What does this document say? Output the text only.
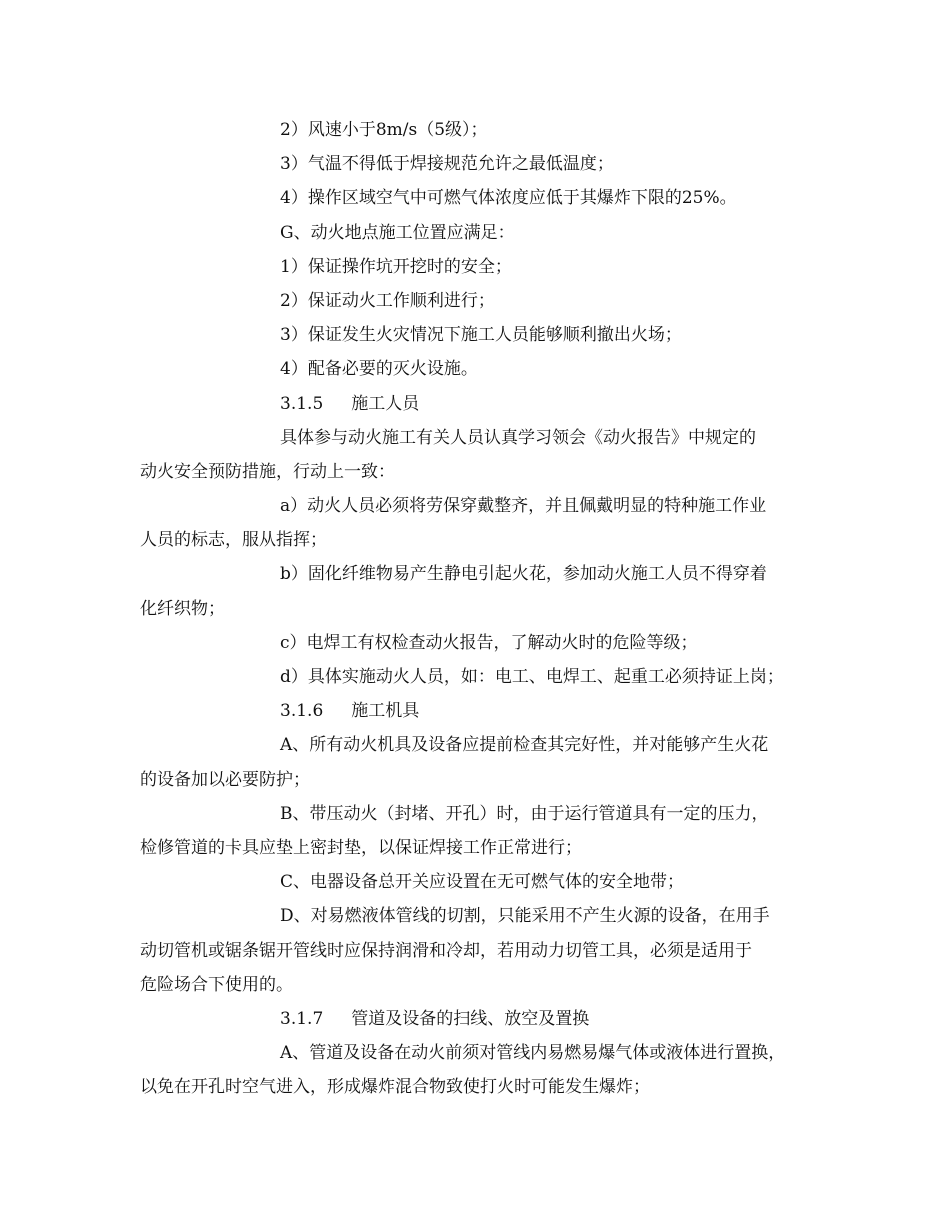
2）风速小于8m/s（5级）；
3）气温不得低于焊接规范允许之最低温度；
4）操作区域空气中可燃气体浓度应低于其爆炸下限的25%。
G、动火地点施工位置应满足：
1）保证操作坑开挖时的安全；
2）保证动火工作顺利进行；
3）保证发生火灾情况下施工人员能够顺利撤出火场；
4）配备必要的灭火设施。
3.1.5 施工人员
具体参与动火施工有关人员认真学习领会《动火报告》中规定的
动火安全预防措施，行动上一致：
a）动火人员必须将劳保穿戴整齐，并且佩戴明显的特种施工作业
人员的标志，服从指挥；
b）固化纤维物易产生静电引起火花，参加动火施工人员不得穿着
化纤织物；
c）电焊工有权检查动火报告，了解动火时的危险等级；
d）具体实施动火人员，如：电工、电焊工、起重工必须持证上岗；
3.1.6 施工机具
A、所有动火机具及设备应提前检查其完好性，并对能够产生火花
的设备加以必要防护；
B、带压动火（封堵、开孔）时，由于运行管道具有一定的压力，
检修管道的卡具应垫上密封垫，以保证焊接工作正常进行；
C、电器设备总开关应设置在无可燃气体的安全地带；
D、对易燃液体管线的切割，只能采用不产生火源的设备，在用手
动切管机或锯条锯开管线时应保持润滑和冷却，若用动力切管工具，必须是适用于
危险场合下使用的。
3.1.7 管道及设备的扫线、放空及置换
A、管道及设备在动火前须对管线内易燃易爆气体或液体进行置换，
以免在开孔时空气进入，形成爆炸混合物致使打火时可能发生爆炸；
